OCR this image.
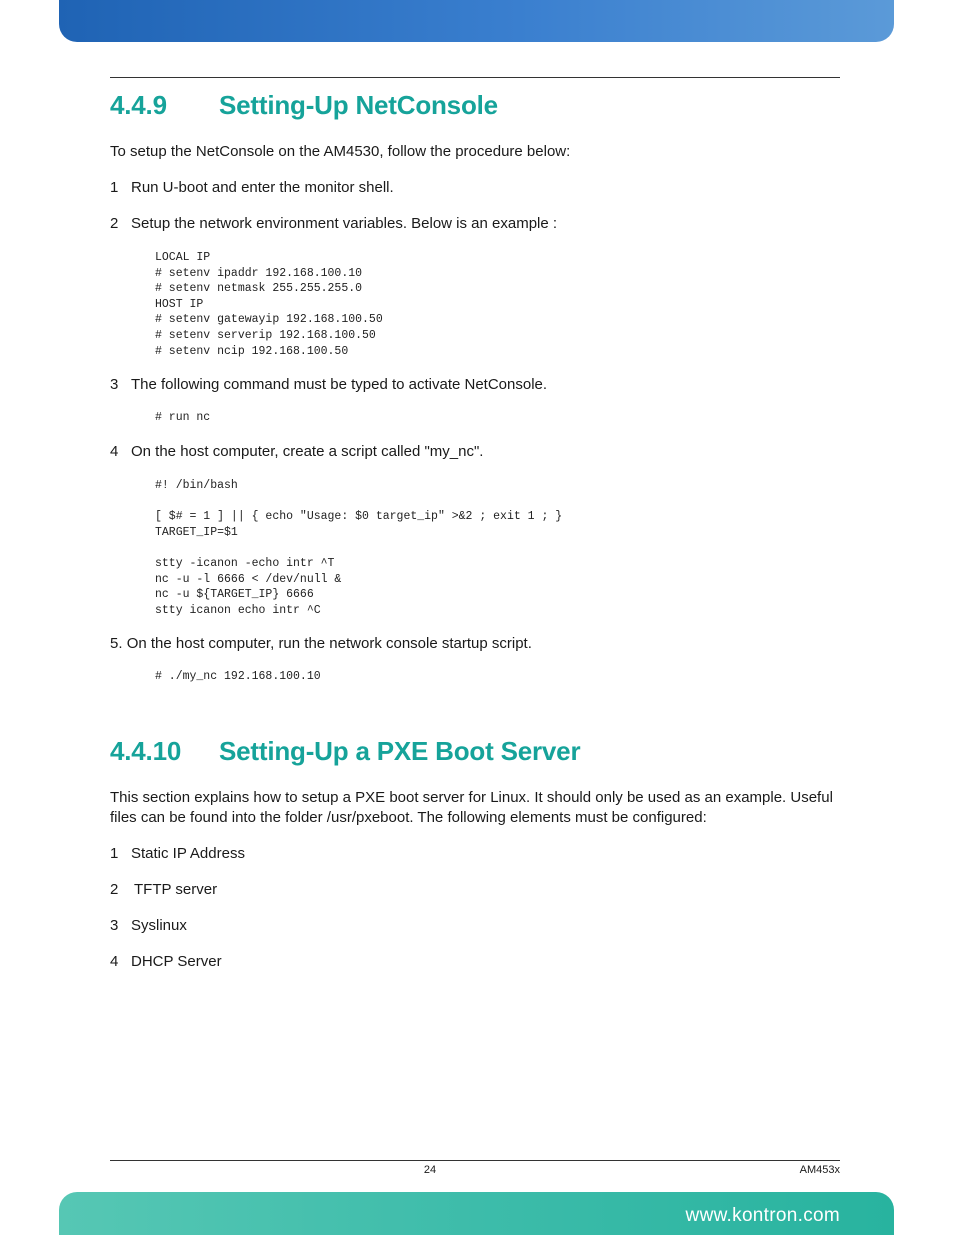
4.4.9 Setting-Up NetConsole

To setup the NetConsole on the AM4530, follow the procedure below:

1 Run U-boot and enter the monitor shell.

2 Setup the network environment variables. Below is an example :

LOCAL IP
# setenv ipaddr 192.168.100.10
# setenv netmask 255.255.255.0
HOST IP
# setenv gatewayip 192.168.100.50
# setenv serverip 192.168.100.50
# setenv ncip 192.168.100.50

3 The following command must be typed to activate NetConsole.

# run nc

4 On the host computer, create a script called "my_nc".

#! /bin/bash

[ $# = 1 ] || { echo "Usage: $0 target_ip" >&2 ; exit 1 ; }
TARGET_IP=$1

stty -icanon -echo intr ^T
nc -u -l 6666 < /dev/null &
nc -u ${TARGET_IP} 6666
stty icanon echo intr ^C

5. On the host computer, run the network console startup script.

# ./my_nc 192.168.100.10
4.4.10 Setting-Up a PXE Boot Server

This section explains how to setup a PXE boot server for Linux. It should only be used as an example. Useful
files can be found into the folder /usr/pxeboot. The following elements must be configured:

1 Static IP Address

2 TFTP server

3 Syslinux

4 DHCP Server

24	AM453x
www.kontron.com
